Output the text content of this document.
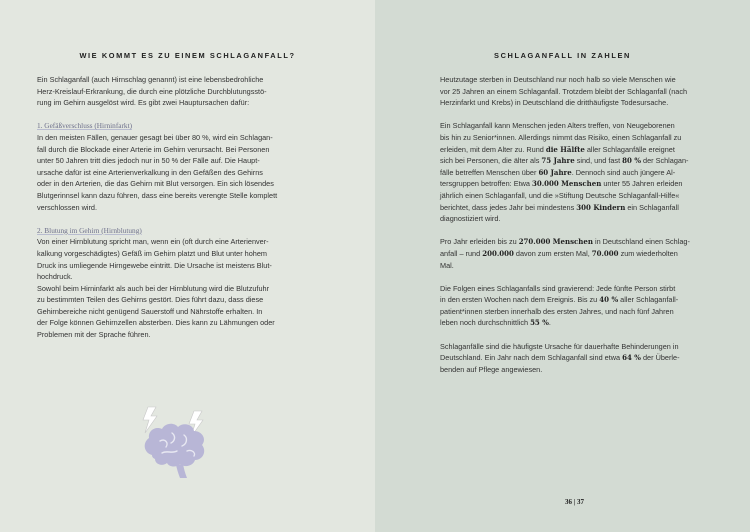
WIE KOMMT ES ZU EINEM SCHLAGANFALL?

Ein Schlaganfall (auch Hirnschlag genannt) ist eine lebensbedrohliche
Herz-Kreislauf-Erkrankung, die durch eine plötzliche Durchblutungsstö-
rung im Gehirn ausgelöst wird. Es gibt zwei Hauptursachen dafür:

1. Gefäßverschluss (Hirninfarkt)
In den meisten Fällen, genauer gesagt bei über 80 %, wird ein Schlagan-
fall durch die Blockade einer Arterie im Gehirn verursacht. Bei Personen
unter 50 Jahren tritt dies jedoch nur in 50 % der Fälle auf. Die Haupt-
ursache dafür ist eine Arterienverkalkung in den Gefäßen des Gehirns
oder in den Arterien, die das Gehirn mit Blut versorgen. Ein sich lösendes
Blutgerinnsel kann dazu führen, dass eine bereits verengte Stelle komplett
verschlossen wird.

2. Blutung im Gehirn (Hirnblutung)
Von einer Hirnblutung spricht man, wenn ein (oft durch eine Arterienver-
kalkung vorgeschädigtes) Gefäß im Gehirn platzt und Blut unter hohem
Druck ins umliegende Hirngewebe eintritt. Die Ursache ist meistens Blut-
hochdruck.
Sowohl beim Hirninfarkt als auch bei der Hirnblutung wird die Blutzufuhr
zu bestimmten Teilen des Gehirns gestört. Dies führt dazu, dass diese
Gehirnbereiche nicht genügend Sauerstoff und Nährstoffe erhalten. In
der Folge können Gehirnzellen absterben. Dies kann zu Lähmungen oder
Problemen mit der Sprache führen.

SCHLAGANFALL IN ZAHLEN

Heutzutage sterben in Deutschland nur noch halb so viele Menschen wie
vor 25 Jahren an einem Schlaganfall. Trotzdem bleibt der Schlaganfall (nach
Herzinfarkt und Krebs) in Deutschland die dritthäufigste Todesursache.

Ein Schlaganfall kann Menschen jeden Alters treffen, von Neugeborenen
bis hin zu Senior*innen. Allerdings nimmt das Risiko, einen Schlaganfall zu
erleiden, mit dem Alter zu. Rund die Hälfte aller Schlaganfälle ereignet
sich bei Personen, die älter als 75 Jahre sind, und fast 80 % der Schlagan-
fälle betreffen Menschen über 60 Jahre. Dennoch sind auch jüngere Al-
tersgruppen betroffen: Etwa 30.000 Menschen unter 55 Jahren erleiden
jährlich einen Schlaganfall, und die »Stiftung Deutsche Schlaganfall-Hilfe«
berichtet, dass jedes Jahr bei mindestens 300 Kindern ein Schlaganfall
diagnostiziert wird.

Pro Jahr erleiden bis zu 270.000 Menschen in Deutschland einen Schlag-
anfall – rund 200.000 davon zum ersten Mal, 70.000 zum wiederholten
Mal.

Die Folgen eines Schlaganfalls sind gravierend: Jede fünfte Person stirbt
in den ersten Wochen nach dem Ereignis. Bis zu 40 % aller Schlaganfall-
patient*innen sterben innerhalb des ersten Jahres, und nach fünf Jahren
leben noch durchschnittlich 55 %.

Schlaganfälle sind die häufigste Ursache für dauerhafte Behinderungen in
Deutschland. Ein Jahr nach dem Schlaganfall sind etwa 64 % der Überle-
benden auf Pflege angewiesen.

36 | 37
